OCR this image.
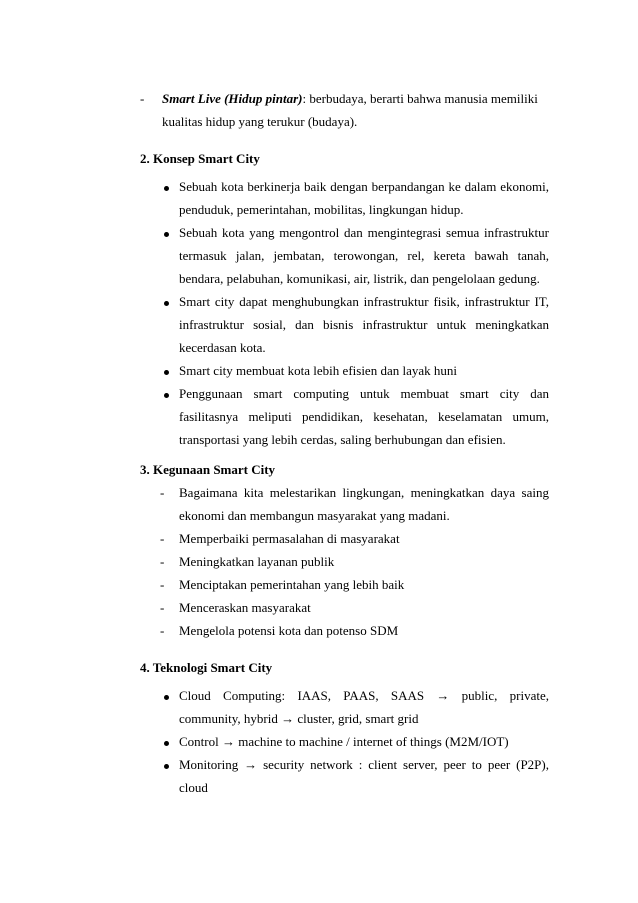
- Smart Live (Hidup pintar): berbudaya, berarti bahwa manusia memiliki
kualitas hidup yang terukur (budaya).
2. Konsep Smart City
Sebuah kota berkinerja baik dengan berpandangan ke dalam ekonomi,
penduduk, pemerintahan, mobilitas, lingkungan hidup.
Sebuah kota yang mengontrol dan mengintegrasi semua infrastruktur
termasuk jalan, jembatan, terowongan, rel, kereta bawah tanah,
bendara, pelabuhan, komunikasi, air, listrik, dan pengelolaan gedung.
Smart city dapat menghubungkan infrastruktur fisik, infrastruktur IT,
infrastruktur sosial, dan bisnis infrastruktur untuk meningkatkan
kecerdasan kota.
Smart city membuat kota lebih efisien dan layak huni
Penggunaan smart computing untuk membuat smart city dan
fasilitasnya meliputi pendidikan, kesehatan, keselamatan umum,
transportasi yang lebih cerdas, saling berhubungan dan efisien.
3. Kegunaan Smart City
- Bagaimana kita melestarikan lingkungan, meningkatkan daya saing
ekonomi dan membangun masyarakat yang madani.
- Memperbaiki permasalahan di masyarakat
- Meningkatkan layanan publik
- Menciptakan pemerintahan yang lebih baik
- Menceraskan masyarakat
- Mengelola potensi kota dan potenso SDM
4. Teknologi Smart City
Cloud Computing: IAAS, PAAS, SAAS → public, private,
community, hybrid → cluster, grid, smart grid
Control → machine to machine / internet of things (M2M/IOT)
Monitoring → security network : client server, peer to peer (P2P),
cloud
